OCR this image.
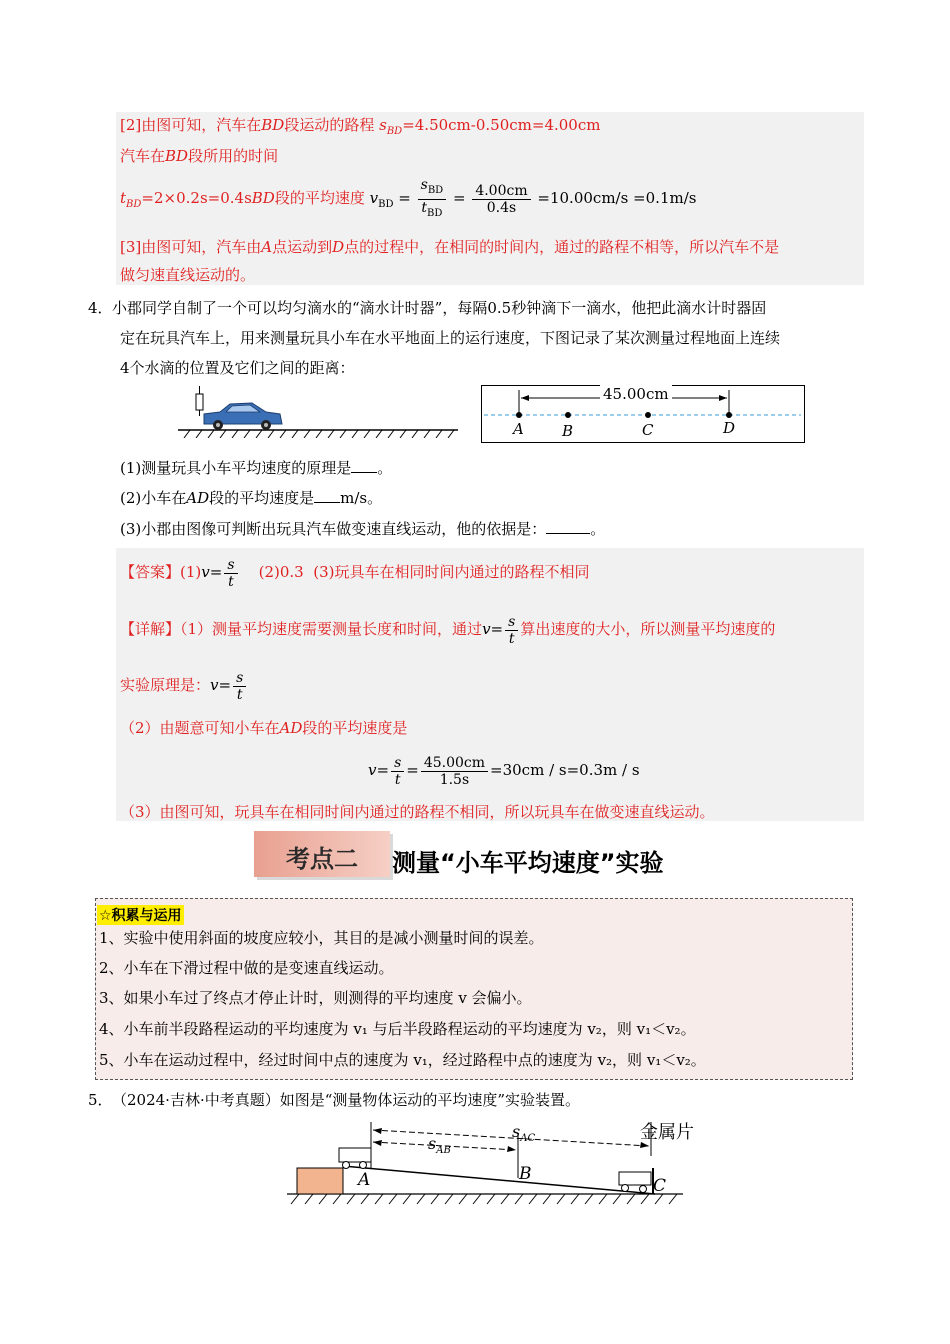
[2]由图可知，汽车在BD段运动的路程 $s_{BD}=4.50cm-0.50cm=4.00cm$
汽车在BD段所用的时间
$t_{BD}=2\times 0.2s=0.4sBD$段的平均速度 $v_{BD} = \frac{s_{BD}}{t_{BD}} = \frac{4.00cm}{0.4s} =10.00cm/s =0.1m/s$
[3]由图可知，汽车由A点运动到D点的过程中，在相同的时间内，通过的路程不相等，所以汽车不是
做匀速直线运动的。
4． 小郡同学自制了一个可以均匀滴水的“滴水计时器”，每隔0.5秒钟滴下一滴水，他把此滴水计时器固
定在玩具汽车上，用来测量玩具小车在水平地面上的运行速度，下图记录了某次测量过程地面上连续
4个水滴的位置及它们之间的距离：
45.00cm
A	B	C	D
(1)测量玩具小车平均速度的原理是 。
(2)小车在AD段的平均速度是 m/s。
(3)小郡由图像可判断出玩具汽车做变速直线运动，他的依据是：	。
【答案】$(1)v= \frac{s}{t} (2)0.3$ (3)玩具车在相同时间内通过的路程不相同
【详解】（1）测量平均速度需要测量长度和时间，通过$v= \frac{s}{t}$ 算出速度的大小，所以测量平均速度的
实验原理是：$v= \frac{s}{t}$
（2）由题意可知小车在AD段的平均速度是
$v= \frac{s}{t} = \frac{45.00cm}{1.5s} =30cm / s=0.3m / s$
（3）由图可知，玩具车在相同时间内通过的路程不相同，所以玩具车在做变速直线运动。
考点二	测量“小车平均速度”实验
☆积累与运用
1、实验中使用斜面的坡度应较小，其目的是减小测量时间的误差。
2、小车在下滑过程中做的是变速直线运动。
3、如果小车过了终点才停止计时，则测得的平均速度 v 会偏小。
4、小车前半段路程运动的平均速度为 v₁ 与后半段路程运动的平均速度为 v₂，则 v₁＜v₂。
5、小车在运动过程中，经过时间中点的速度为 v₁，经过路程中点的速度为 v₂，则 v₁＜v₂。
5． （2024·吉林·中考真题）如图是“测量物体运动的平均速度”实验装置。
金属片
$s_{AC}$
$s_{AB}$
A	B
C
